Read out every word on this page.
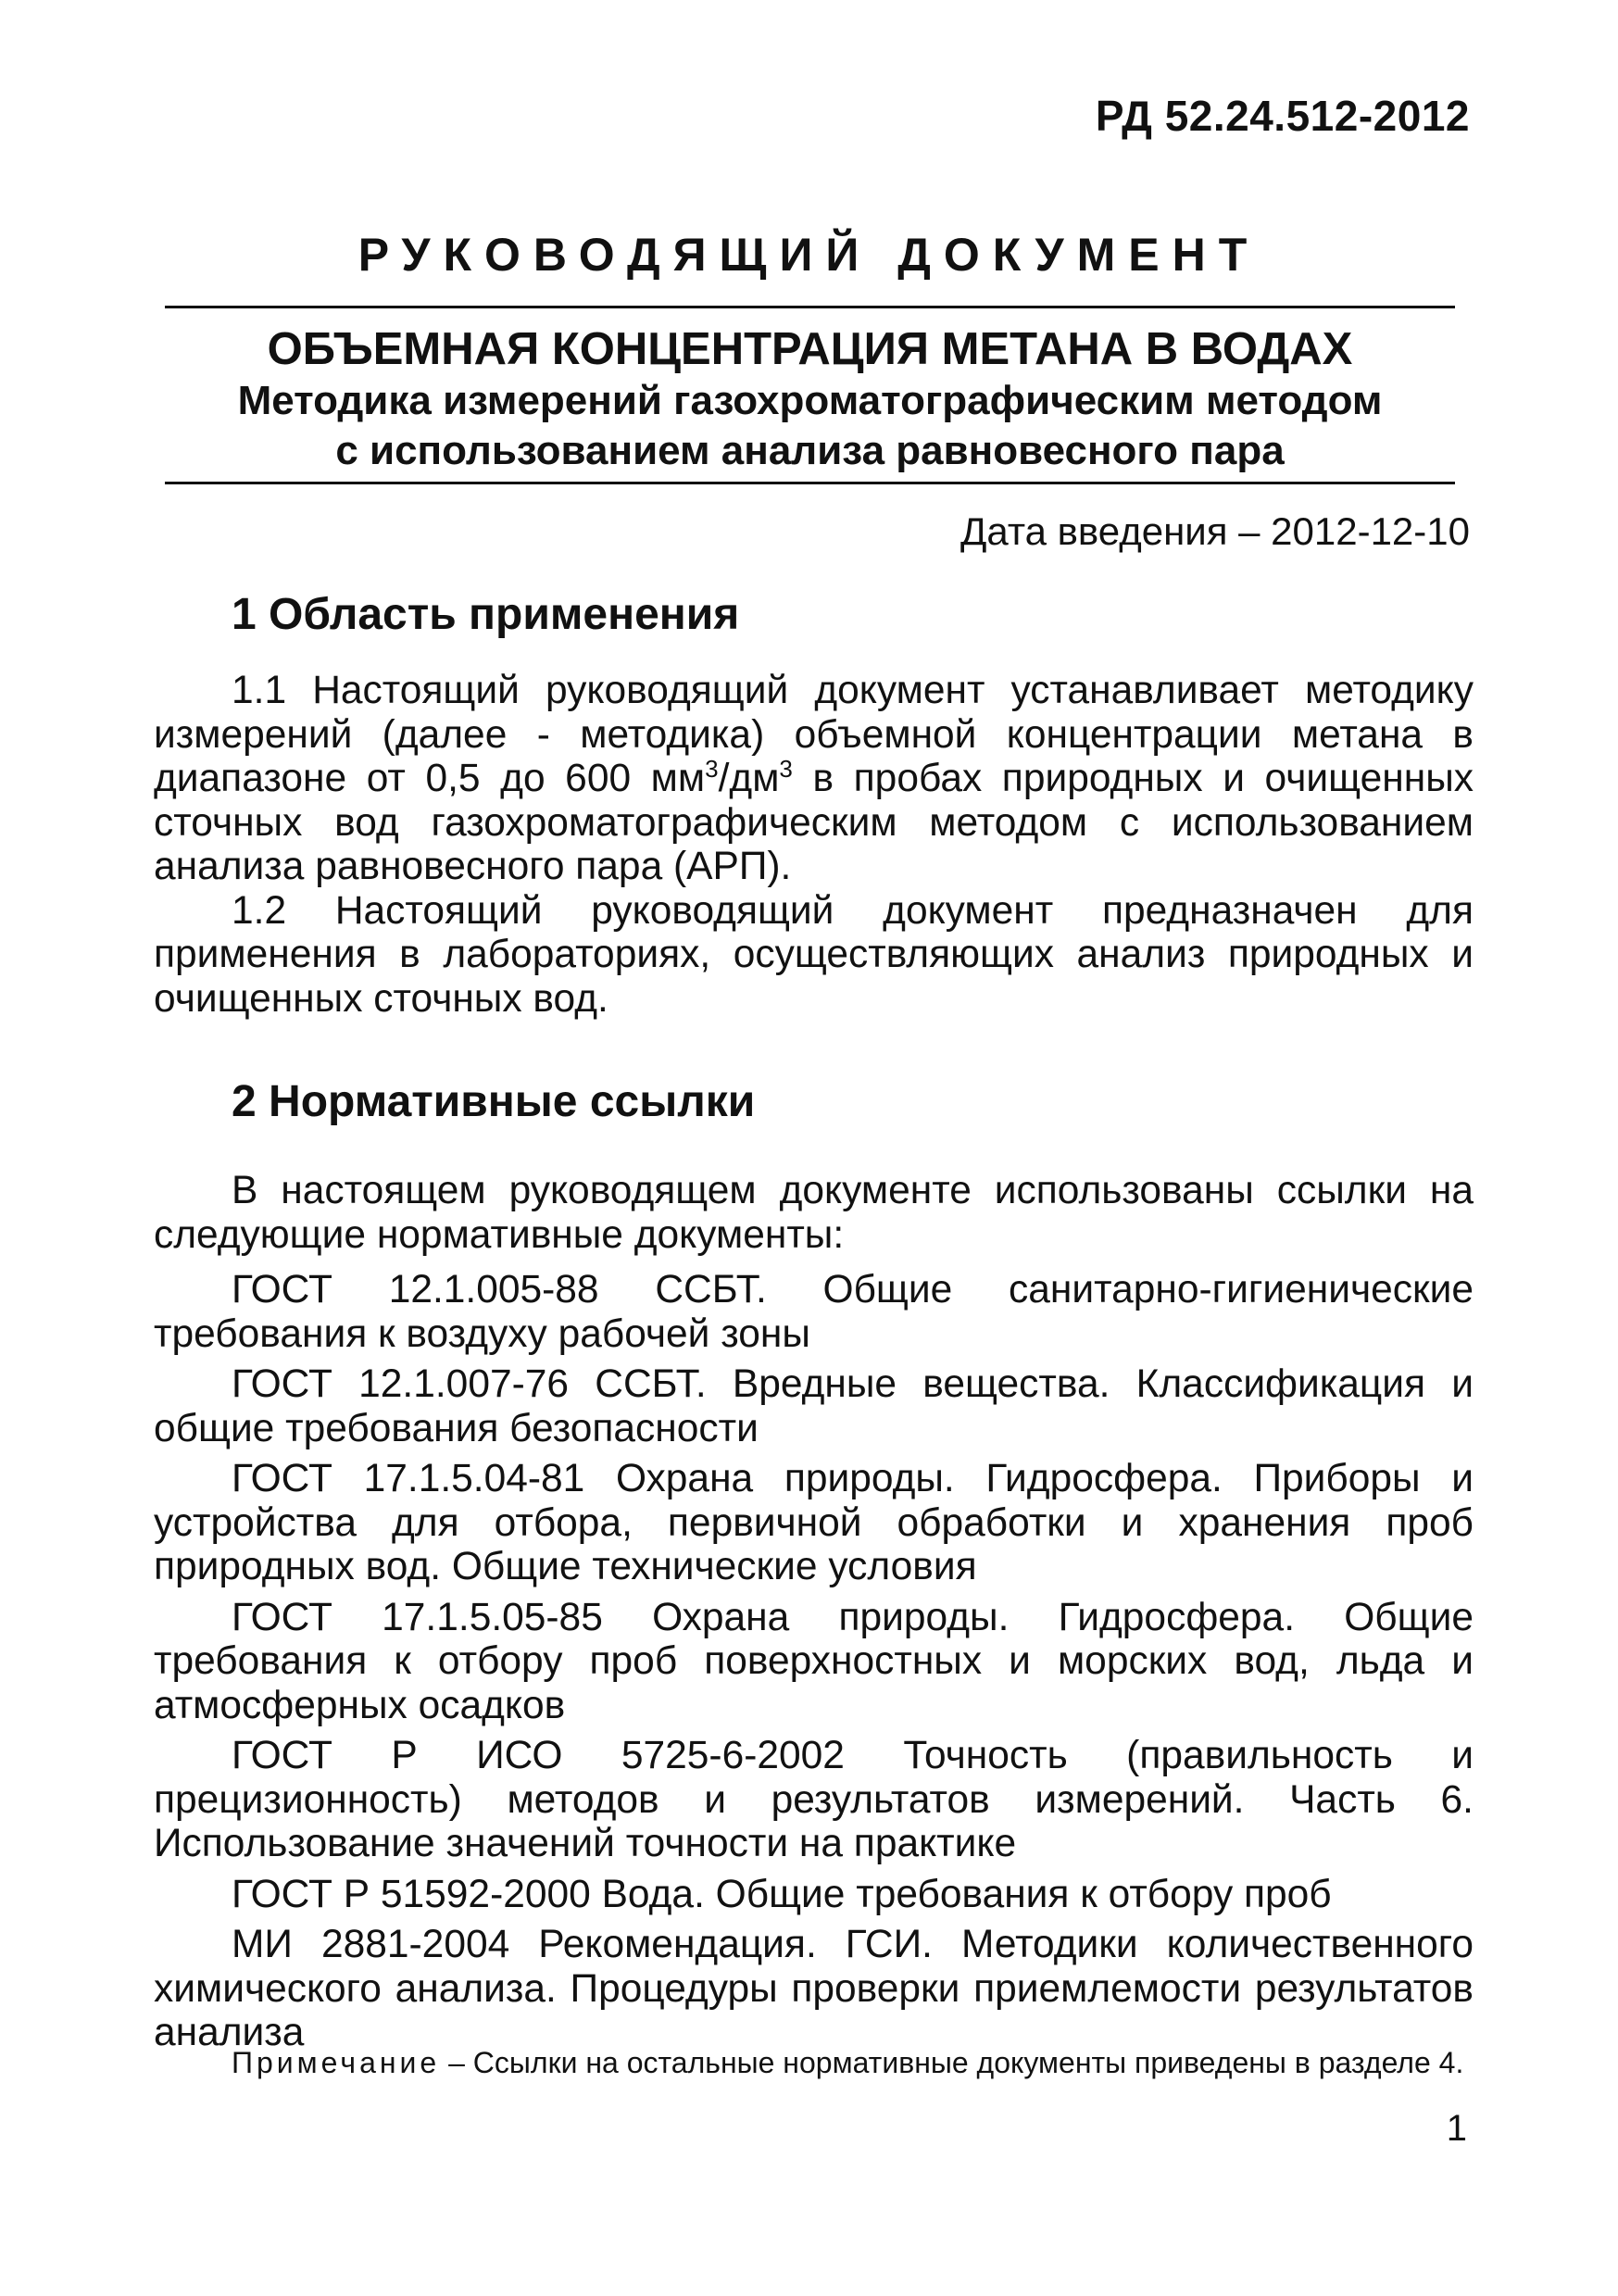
РД 52.24.512-2012
РУКОВОДЯЩИЙ ДОКУМЕНТ
ОБЪЕМНАЯ КОНЦЕНТРАЦИЯ МЕТАНА В ВОДАХ
Методика измерений газохроматографическим методом
с использованием анализа равновесного пара
Дата введения – 2012-12-10
1 Область применения

1.1 Настоящий руководящий документ устанавливает методику измерений (далее - методика) объемной концентрации метана в диапазоне от 0,5 до 600 $мм^3/дм^3$ в пробах природных и очищенных сточных вод газохроматографическим методом с использованием анализа равновесного пара (АРП).

1.2 Настоящий руководящий документ предназначен для применения в лабораториях, осуществляющих анализ природных и очищенных сточных вод.

2 Нормативные ссылки

В настоящем руководящем документе использованы ссылки на следующие нормативные документы:

ГОСТ 12.1.005-88 ССБТ. Общие санитарно-гигиенические требования к воздуху рабочей зоны

ГОСТ 12.1.007-76 ССБТ. Вредные вещества. Классификация и общие требования безопасности

ГОСТ 17.1.5.04-81 Охрана природы. Гидросфера. Приборы и устройства для отбора, первичной обработки и хранения проб природных вод. Общие технические условия

ГОСТ 17.1.5.05-85 Охрана природы. Гидросфера. Общие требования к отбору проб поверхностных и морских вод, льда и атмосферных осадков

ГОСТ Р ИСО 5725-6-2002 Точность (правильность и прецизионность) методов и результатов измерений. Часть 6. Использование значений точности на практике

ГОСТ Р 51592-2000 Вода. Общие требования к отбору проб

МИ 2881-2004 Рекомендация. ГСИ. Методики количественного химического анализа. Процедуры проверки приемлемости результатов анализа

Примечание – Ссылки на остальные нормативные документы приведены в разделе 4.
1
